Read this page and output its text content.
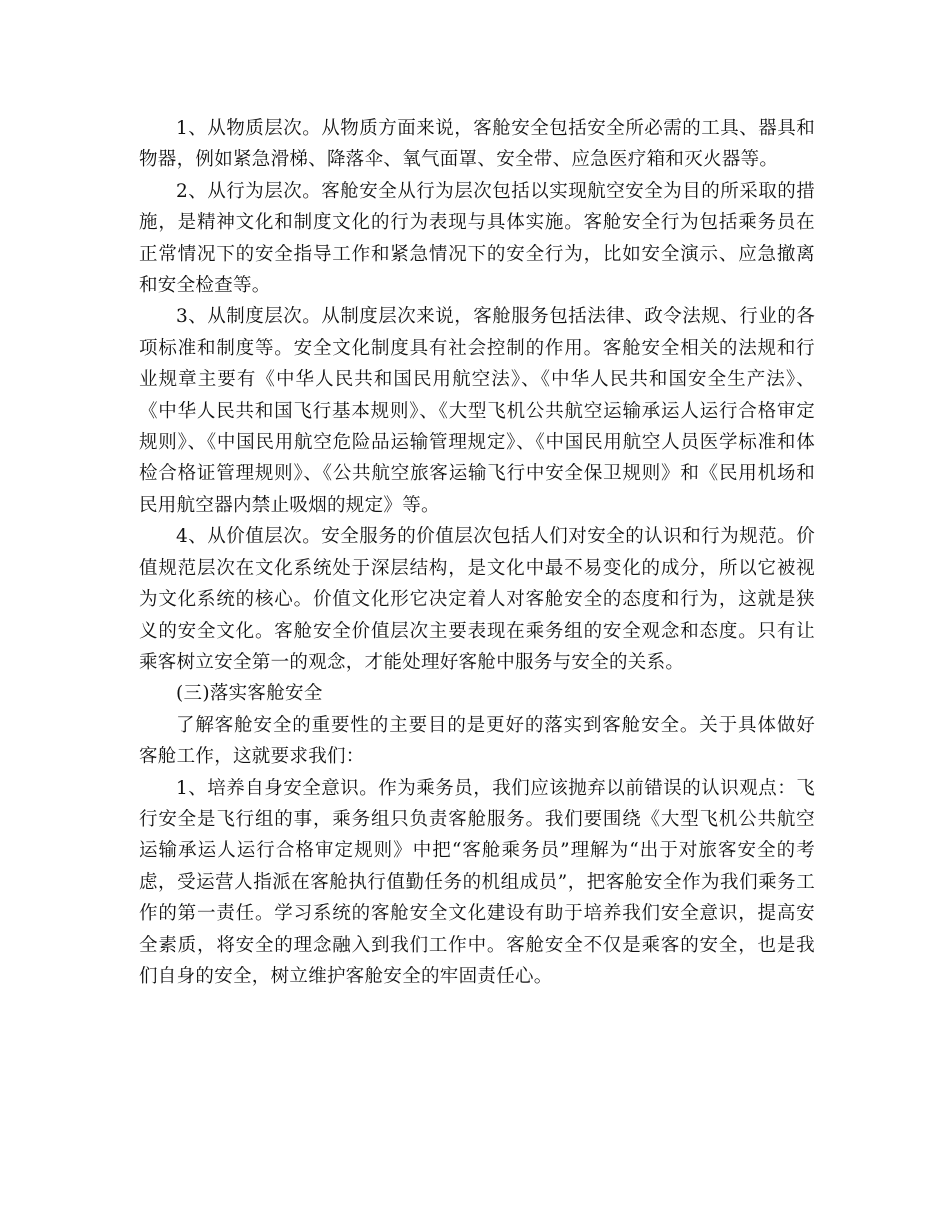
1、从物质层次。从物质方面来说，客舱安全包括安全所必需的工具、器具和物器，例如紧急滑梯、降落伞、氧气面罩、安全带、应急医疗箱和灭火器等。

2、从行为层次。客舱安全从行为层次包括以实现航空安全为目的所采取的措施，是精神文化和制度文化的行为表现与具体实施。客舱安全行为包括乘务员在正常情况下的安全指导工作和紧急情况下的安全行为，比如安全演示、应急撤离和安全检查等。

3、从制度层次。从制度层次来说，客舱服务包括法律、政令法规、行业的各项标准和制度等。安全文化制度具有社会控制的作用。客舱安全相关的法规和行业规章主要有《中华人民共和国民用航空法》、《中华人民共和国安全生产法》、《中华人民共和国飞行基本规则》、《大型飞机公共航空运输承运人运行合格审定规则》、《中国民用航空危险品运输管理规定》、《中国民用航空人员医学标准和体检合格证管理规则》、《公共航空旅客运输飞行中安全保卫规则》和《民用机场和民用航空器内禁止吸烟的规定》等。

4、从价值层次。安全服务的价值层次包括人们对安全的认识和行为规范。价值规范层次在文化系统处于深层结构，是文化中最不易变化的成分，所以它被视为文化系统的核心。价值文化形它决定着人对客舱安全的态度和行为，这就是狭义的安全文化。客舱安全价值层次主要表现在乘务组的安全观念和态度。只有让乘客树立安全第一的观念，才能处理好客舱中服务与安全的关系。

(三)落实客舱安全

了解客舱安全的重要性的主要目的是更好的落实到客舱安全。关于具体做好客舱工作，这就要求我们：

1、培养自身安全意识。作为乘务员，我们应该抛弃以前错误的认识观点：飞行安全是飞行组的事，乘务组只负责客舱服务。我们要围绕《大型飞机公共航空运输承运人运行合格审定规则》中把“客舱乘务员”理解为“出于对旅客安全的考虑，受运营人指派在客舱执行值勤任务的机组成员”，把客舱安全作为我们乘务工作的第一责任。学习系统的客舱安全文化建设有助于培养我们安全意识，提高安全素质，将安全的理念融入到我们工作中。客舱安全不仅是乘客的安全，也是我们自身的安全，树立维护客舱安全的牢固责任心。
